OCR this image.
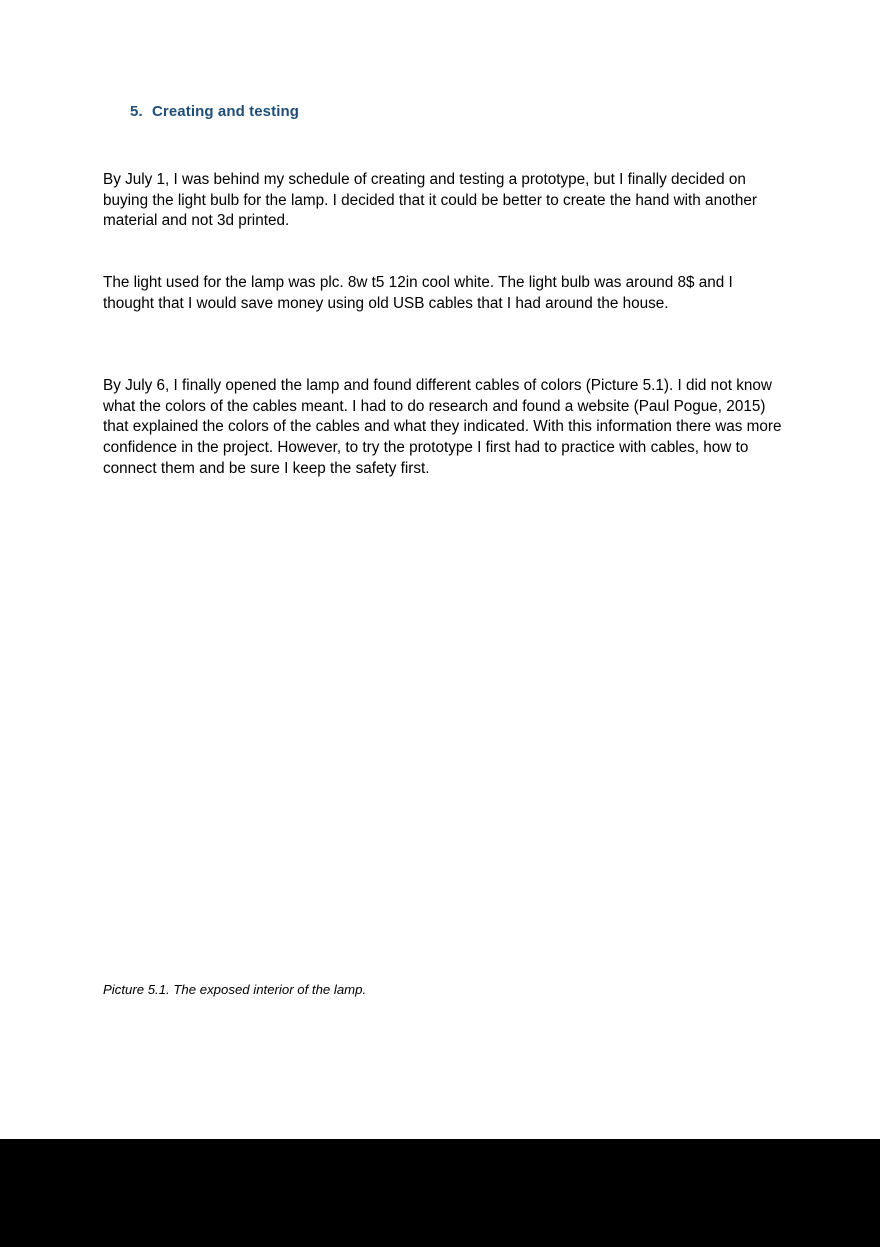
5. Creating and testing

By July 1, I was behind my schedule of creating and testing a prototype, but I finally decided on buying the light bulb for the lamp. I decided that it could be better to create the hand with another material and not 3d printed.

The light used for the lamp was plc. 8w t5 12in cool white. The light bulb was around 8$ and I thought that I would save money using old USB cables that I had around the house.

By July 6, I finally opened the lamp and found different cables of colors (Picture 5.1). I did not know what the colors of the cables meant. I had to do research and found a website (Paul Pogue, 2015) that explained the colors of the cables and what they indicated. With this information there was more confidence in the project. However, to try the prototype I first had to practice with cables, how to connect them and be sure I keep the safety first.

Picture 5.1. The exposed interior of the lamp.
